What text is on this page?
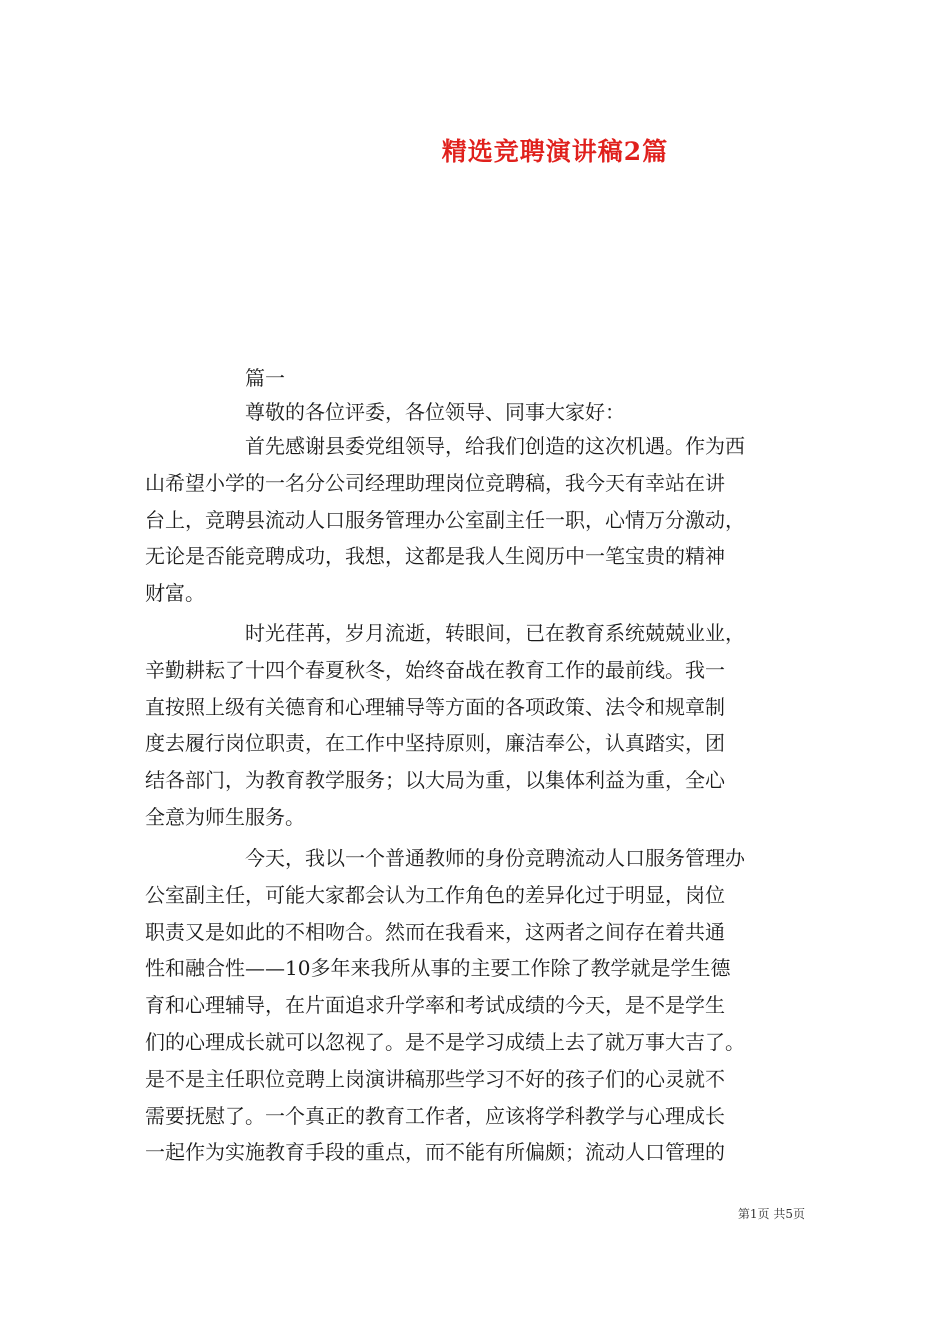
精选竞聘演讲稿2篇
篇一
尊敬的各位评委，各位领导、同事大家好：
首先感谢县委党组领导，给我们创造的这次机遇。作为西
山希望小学的一名分公司经理助理岗位竞聘稿，我今天有幸站在讲
台上，竞聘县流动人口服务管理办公室副主任一职，心情万分激动，
无论是否能竞聘成功，我想，这都是我人生阅历中一笔宝贵的精神
财富。
时光荏苒，岁月流逝，转眼间，已在教育系统兢兢业业，
辛勤耕耘了十四个春夏秋冬，始终奋战在教育工作的最前线。我一
直按照上级有关德育和心理辅导等方面的各项政策、法令和规章制
度去履行岗位职责，在工作中坚持原则，廉洁奉公，认真踏实，团
结各部门，为教育教学服务；以大局为重，以集体利益为重，全心
全意为师生服务。
今天，我以一个普通教师的身份竞聘流动人口服务管理办
公室副主任，可能大家都会认为工作角色的差异化过于明显，岗位
职责又是如此的不相吻合。然而在我看来，这两者之间存在着共通
性和融合性——10多年来我所从事的主要工作除了教学就是学生德
育和心理辅导，在片面追求升学率和考试成绩的今天，是不是学生
们的心理成长就可以忽视了。是不是学习成绩上去了就万事大吉了。
是不是主任职位竞聘上岗演讲稿那些学习不好的孩子们的心灵就不
需要抚慰了。一个真正的教育工作者，应该将学科教学与心理成长
一起作为实施教育手段的重点，而不能有所偏颇；流动人口管理的
第1页 共5页
